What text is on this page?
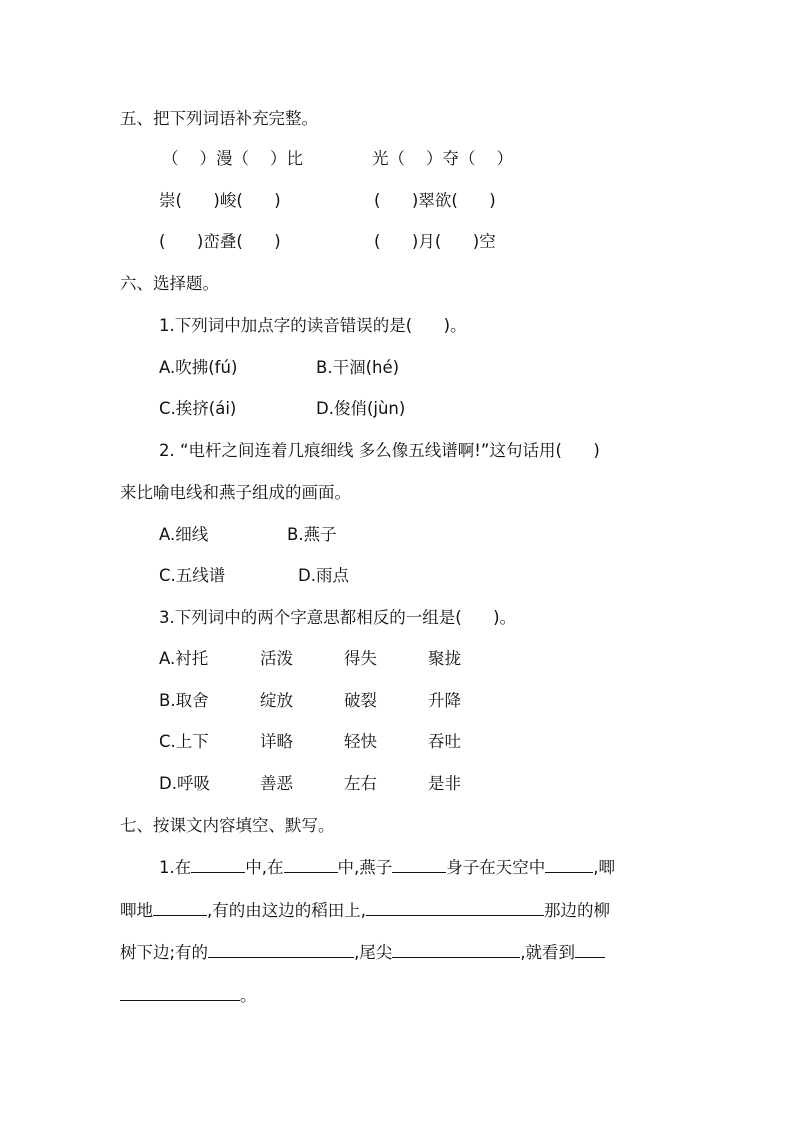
五、把下列词语补充完整。
（    ）漫（    ）比	光（    ）夺（    ）
崇(      )峻(      )	(      )翠欲(      )
(      )峦叠(      )	(      )月(      )空
六、选择题。
1.下列词中加点字的读音错误的是(      )。
A.吹拂(fú)	B.干涸(hé)
C.挨挤(ái)	D.俊俏(jùn)
2. “电杆之间连着几痕细线 多么像五线谱啊!”这句话用(      )
来比喻电线和燕子组成的画面。
A.细线	B.燕子
C.五线谱	D.雨点
3.下列词中的两个字意思都相反的一组是(      )。
A.衬托	活泼	得失	聚拢
B.取舍	绽放	破裂	升降
C.上下	详略	轻快	吞吐
D.呼吸	善恶	左右	是非
七、按课文内容填空、默写。
1.在	中,在	中,燕子	身子在天空中	,唧
唧地	,有的由这边的稻田上,	那边的柳
树下边;有的	,尾尖	,就看到
。
